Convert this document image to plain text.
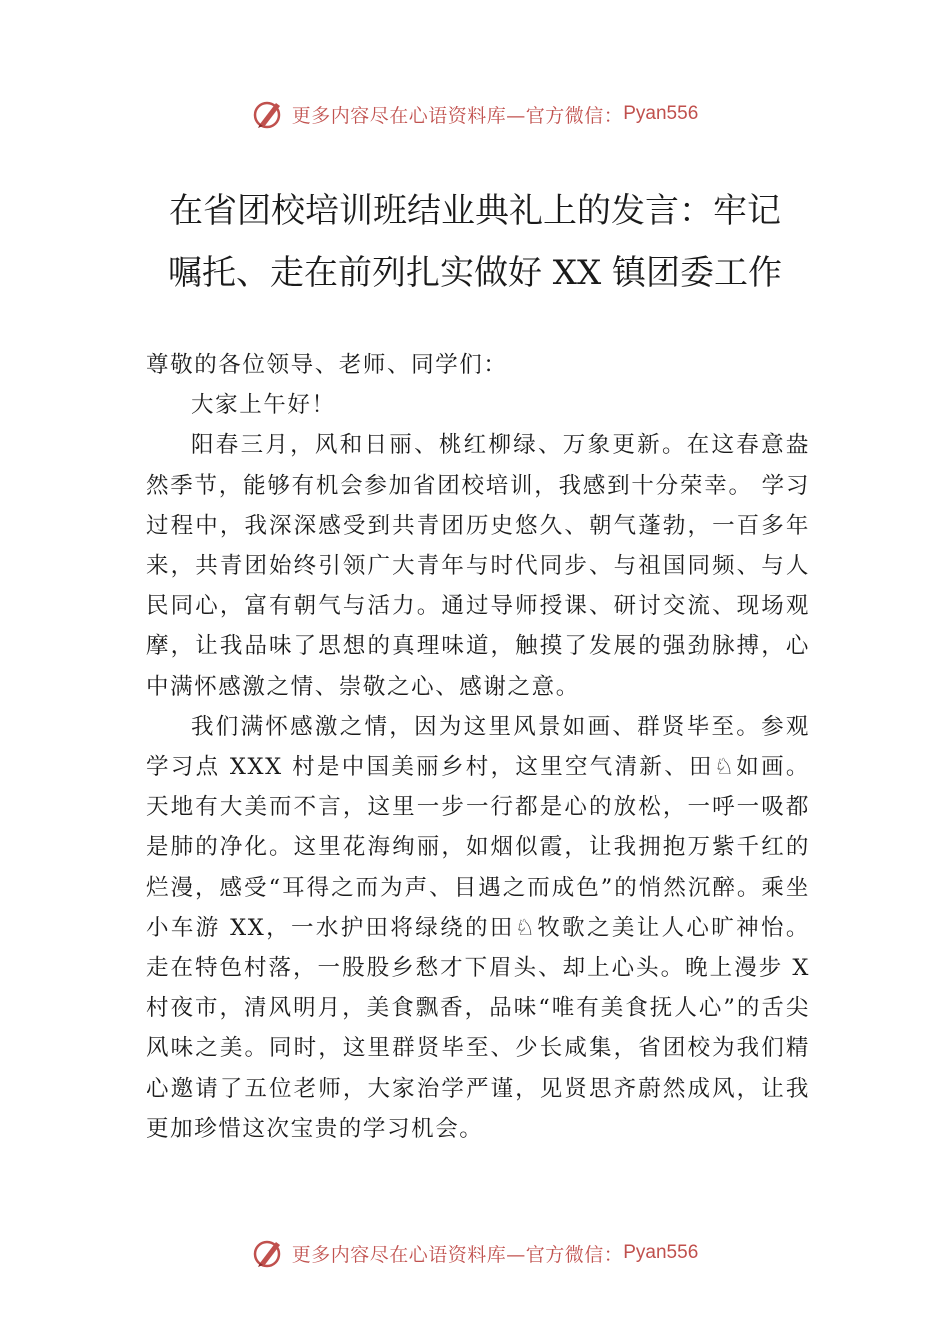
更多内容尽在心语资料库—官方微信： Pyan556
在省团校培训班结业典礼上的发言：牢记
嘱托、走在前列扎实做好 XX 镇团委工作

尊敬的各位领导、老师、同学们：

大家上午好！

阳春三月，风和日丽、桃红柳绿、万象更新。在这春意盎然季节，能够有机会参加省团校培训，我感到十分荣幸。 学习过程中，我深深感受到共青团历史悠久、朝气蓬勃，一百多年来，共青团始终引领广大青年与时代同步、与祖国同频、与人民同心，富有朝气与活力。通过导师授课、研讨交流、现场观摩，让我品味了思想的真理味道，触摸了发展的强劲脉搏，心中满怀感激之情、崇敬之心、感谢之意。

我们满怀感激之情，因为这里风景如画、群贤毕至。参观学习点 XXX 村是中国美丽乡村，这里空气清新、田♘如画。天地有大美而不言，这里一步一行都是心的放松，一呼一吸都是肺的净化。这里花海绚丽，如烟似霞，让我拥抱万紫千红的烂漫，感受“耳得之而为声、目遇之而成色”的悄然沉醉。乘坐小车游 XX，一水护田将绿绕的田♘牧歌之美让人心旷神怡。走在特色村落，一股股乡愁才下眉头、却上心头。晚上漫步 X 村夜市，清风明月，美食飘香，品味“唯有美食抚人心”的舌尖风味之美。同时，这里群贤毕至、少长咸集，省团校为我们精心邀请了五位老师，大家治学严谨，见贤思齐蔚然成风，让我更加珍惜这次宝贵的学习机会。

更多内容尽在心语资料库—官方微信： Pyan556
